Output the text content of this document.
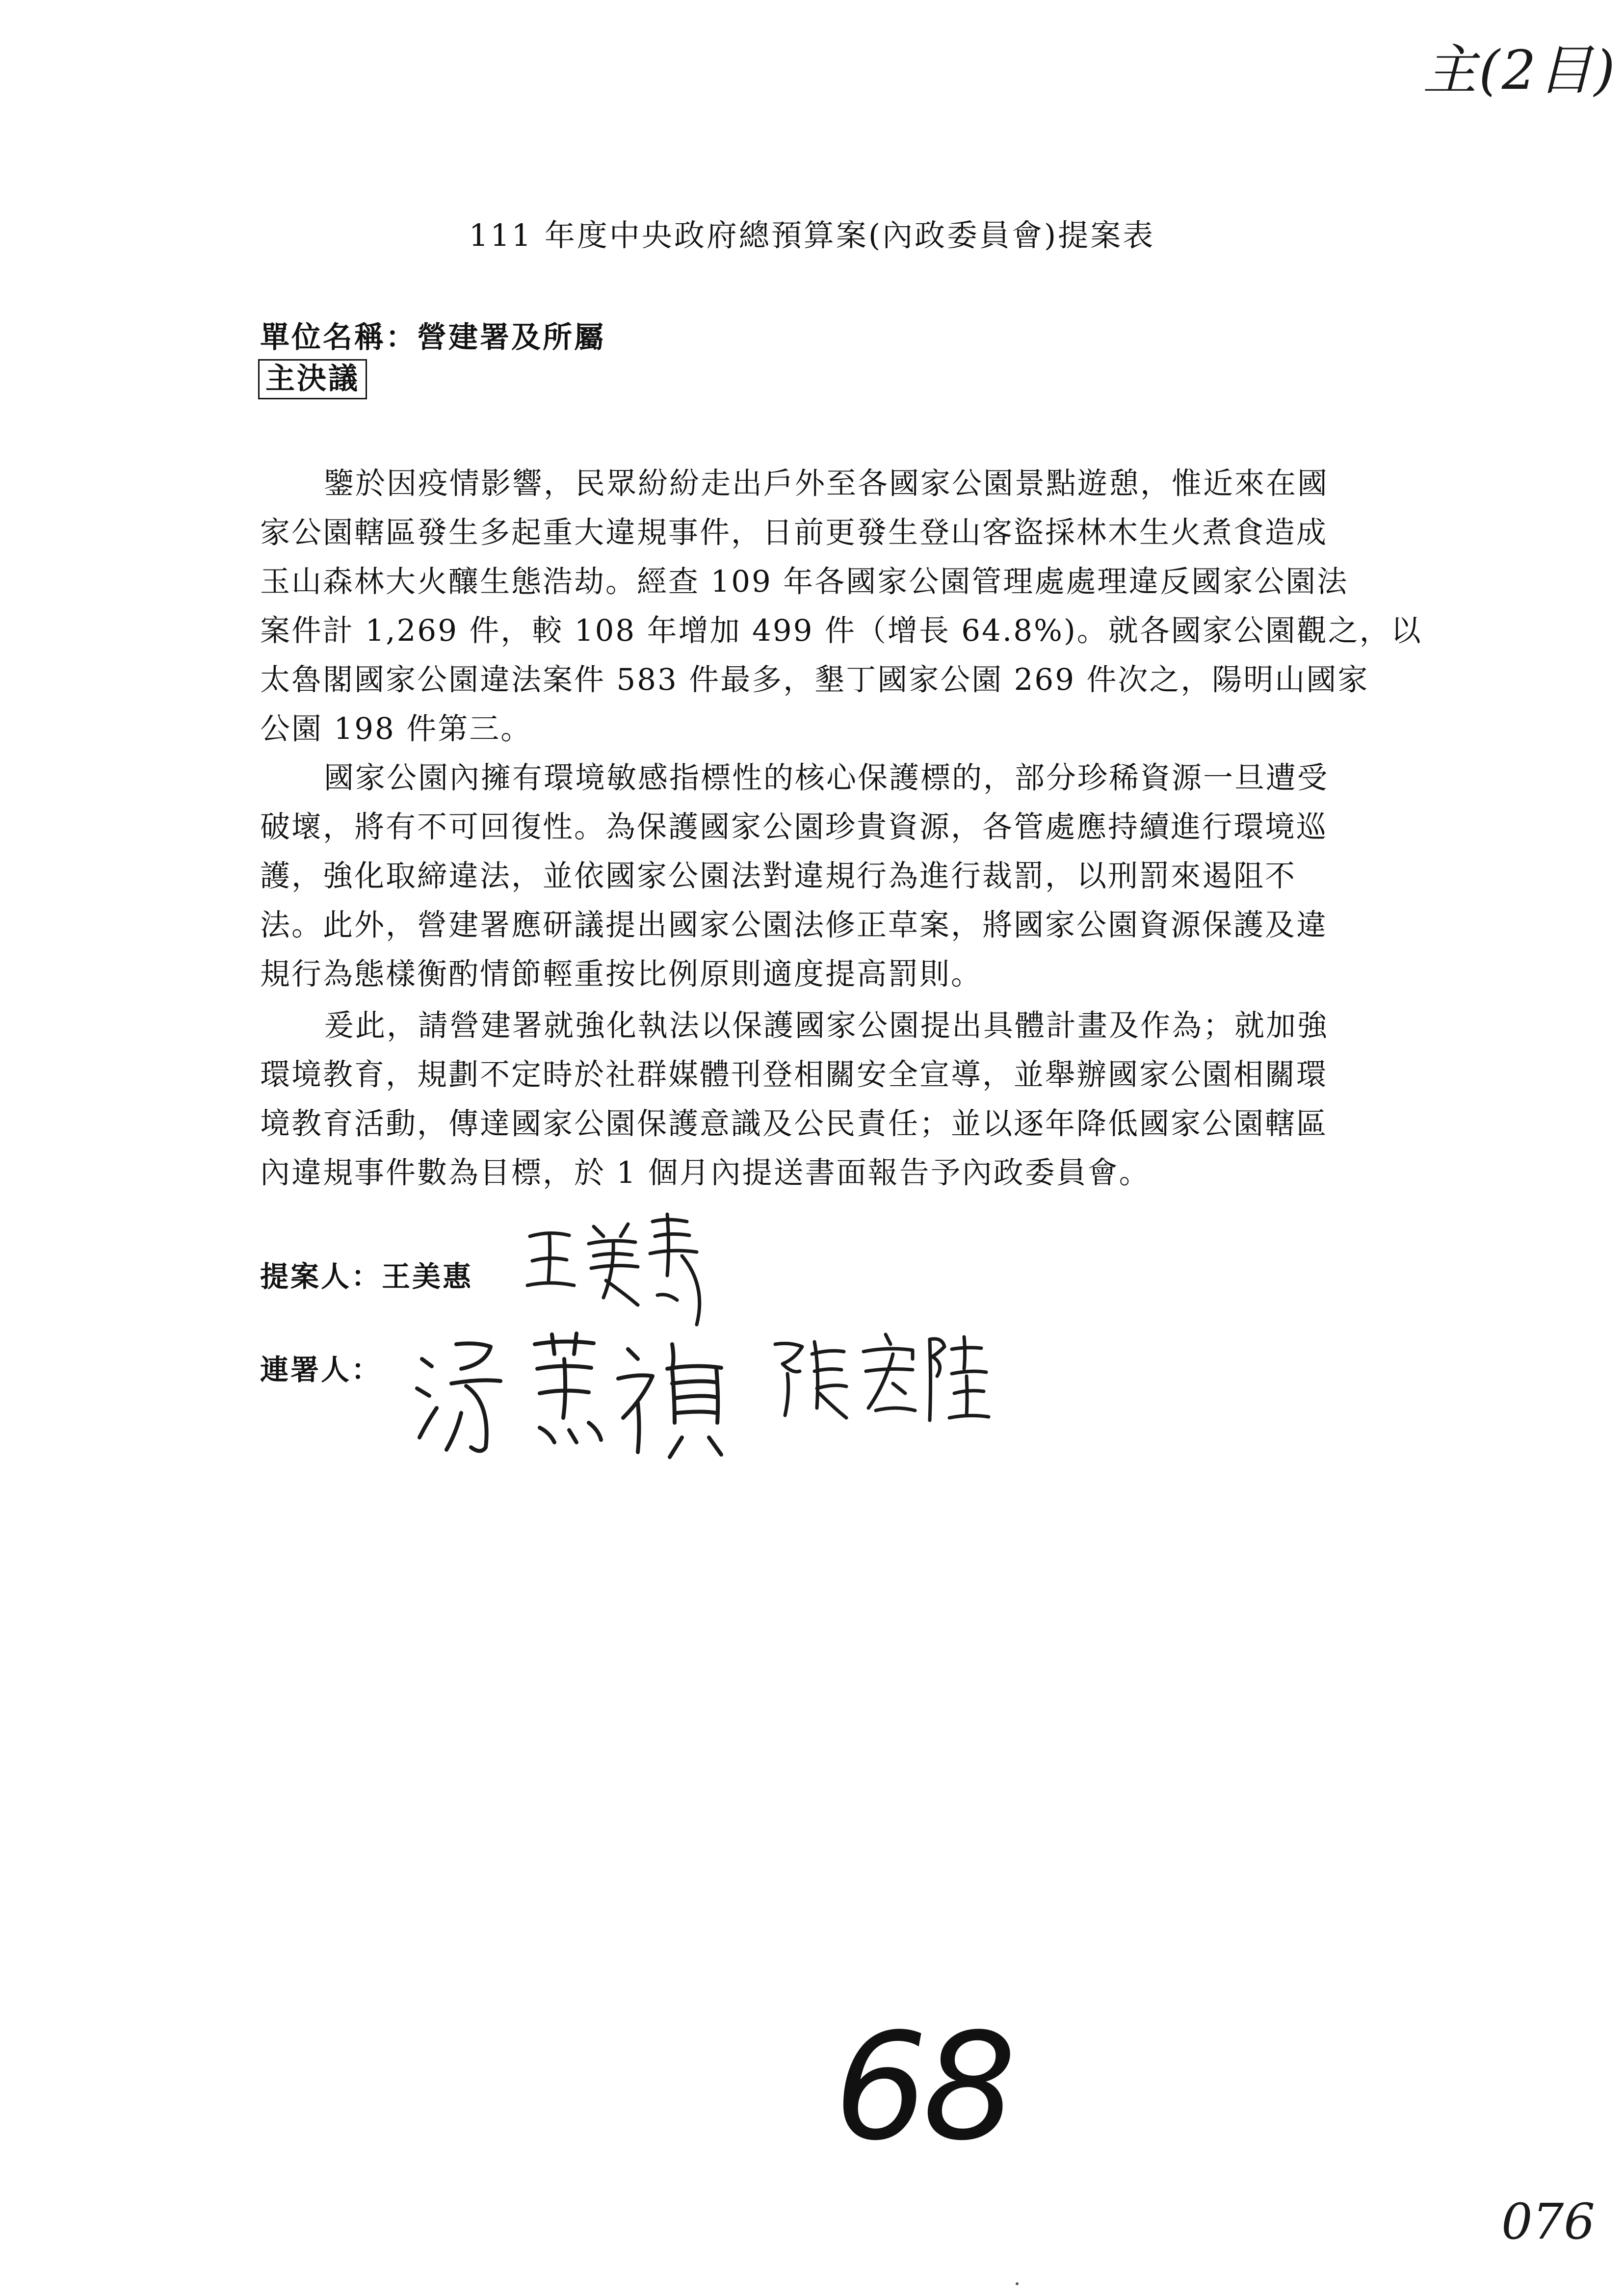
主(2目)
111 年度中央政府總預算案(內政委員會)提案表
單位名稱：營建署及所屬
主決議
鑒於因疫情影響，民眾紛紛走出戶外至各國家公園景點遊憩，惟近來在國
家公園轄區發生多起重大違規事件，日前更發生登山客盜採林木生火煮食造成
玉山森林大火釀生態浩劫。經查 109 年各國家公園管理處處理違反國家公園法
案件計 1,269 件，較 108 年增加 499 件（增長 64.8%)。就各國家公園觀之，以
太魯閣國家公園違法案件 583 件最多，墾丁國家公園 269 件次之，陽明山國家
公園 198 件第三。
國家公園內擁有環境敏感指標性的核心保護標的，部分珍稀資源一旦遭受
破壞，將有不可回復性。為保護國家公園珍貴資源，各管處應持續進行環境巡
護，強化取締違法，並依國家公園法對違規行為進行裁罰，以刑罰來遏阻不
法。此外，營建署應研議提出國家公園法修正草案，將國家公園資源保護及違
規行為態樣衡酌情節輕重按比例原則適度提高罰則。
爰此，請營建署就強化執法以保護國家公園提出具體計畫及作為；就加強
環境教育，規劃不定時於社群媒體刊登相關安全宣導，並舉辦國家公園相關環
境教育活動，傳達國家公園保護意識及公民責任；並以逐年降低國家公園轄區
內違規事件數為目標，於 1 個月內提送書面報告予內政委員會。
提案人：王美惠
連署人：
68
076
